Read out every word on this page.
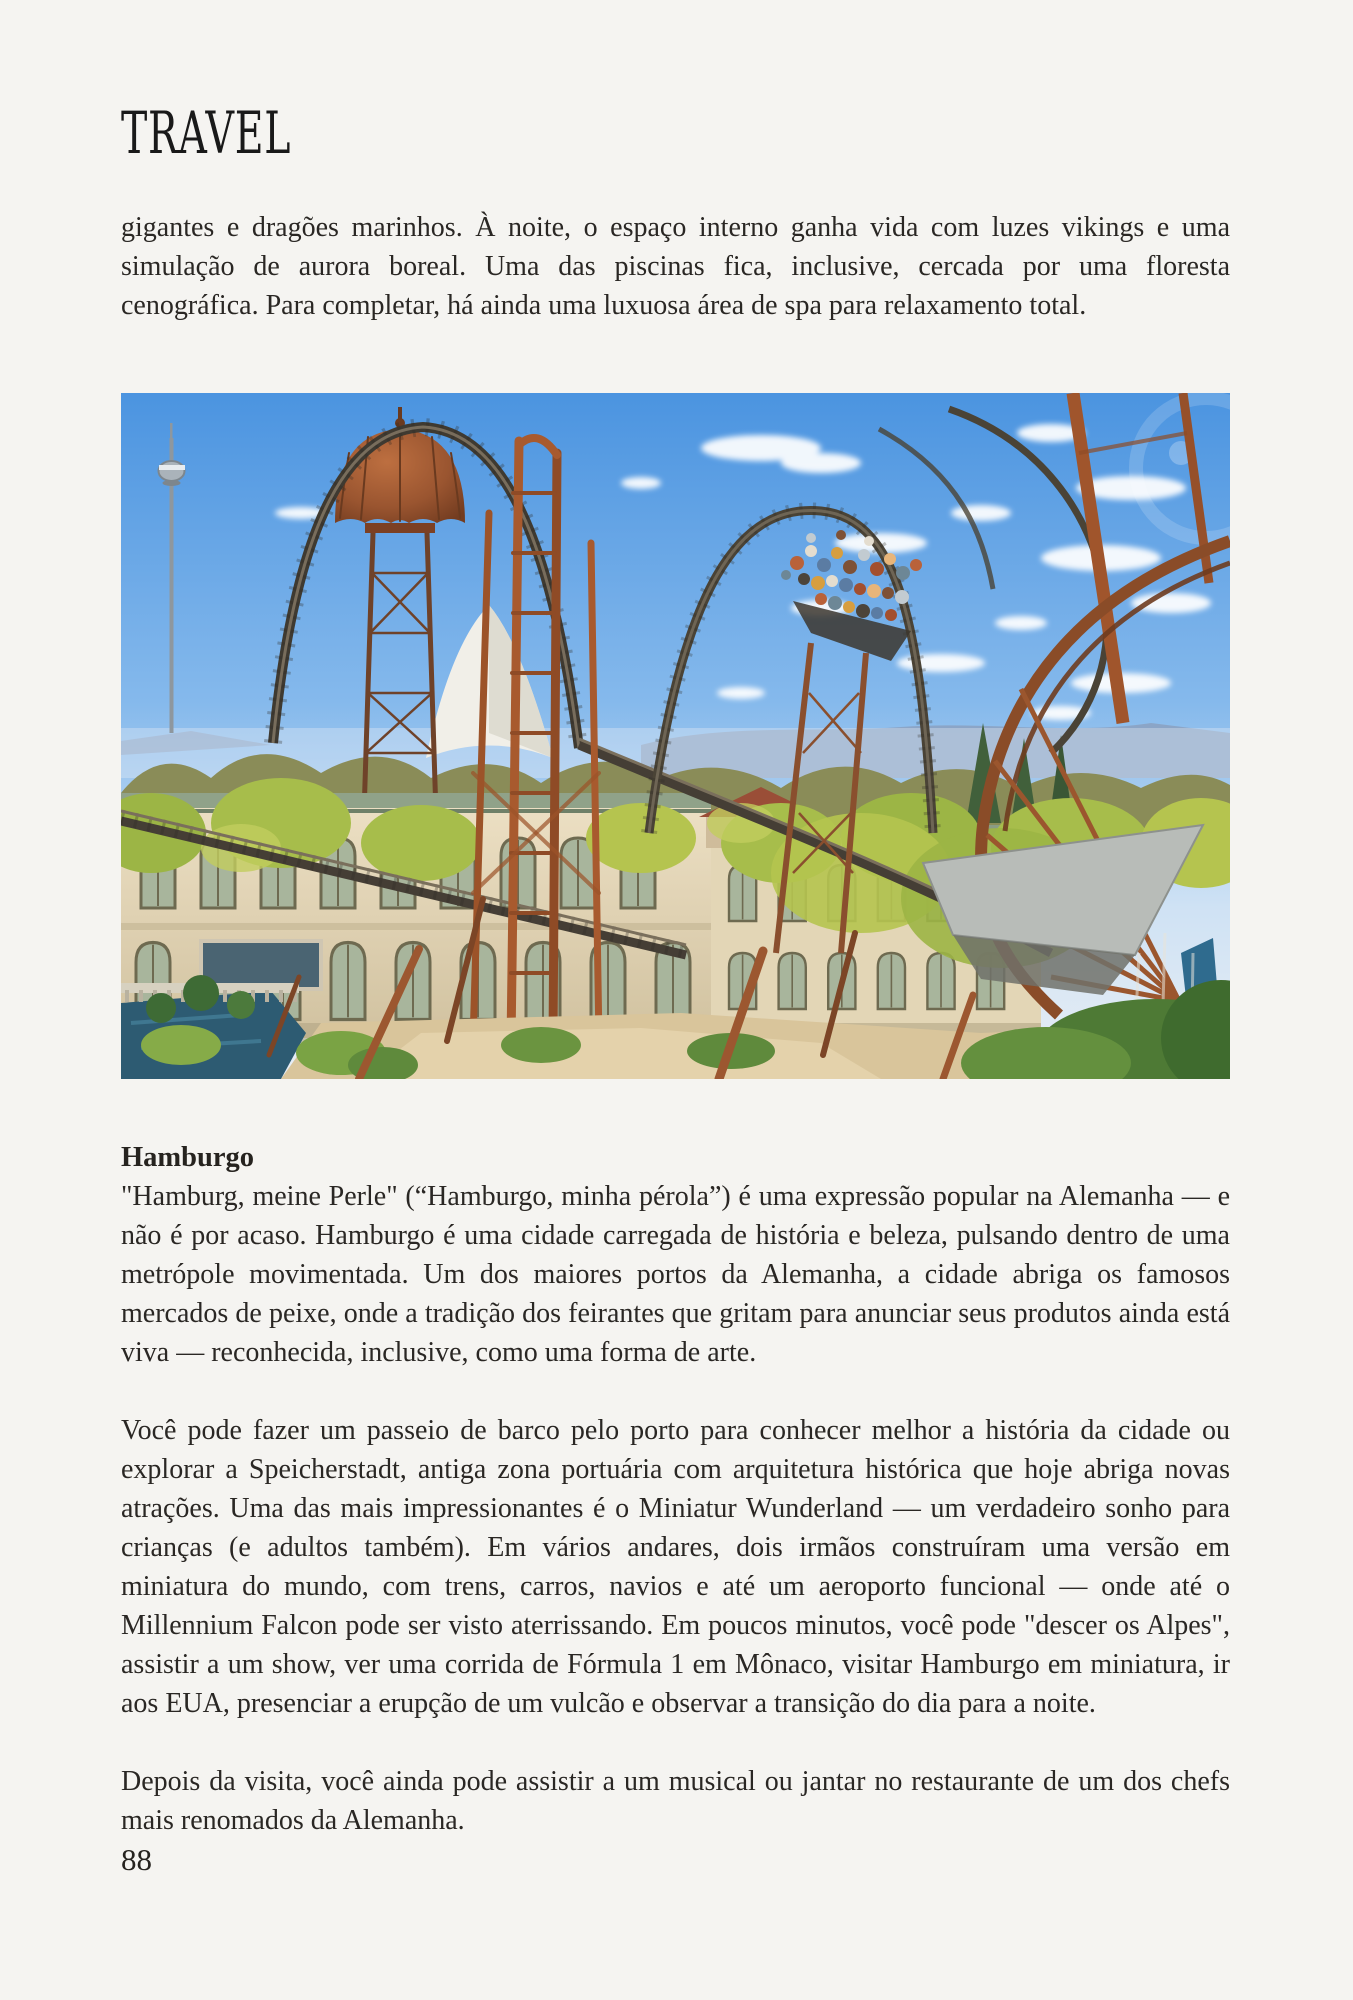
TRAVEL

gigantes e dragões marinhos. À noite, o espaço interno ganha vida com luzes vikings e uma simulação de aurora boreal. Uma das piscinas fica, inclusive, cercada por uma floresta cenográfica. Para completar, há ainda uma luxuosa área de spa para relaxamento total.

Hamburgo

"Hamburg, meine Perle" (“Hamburgo, minha pérola”) é uma expressão popular na Alemanha — e não é por acaso. Hamburgo é uma cidade carregada de história e beleza, pulsando dentro de uma metrópole movimentada. Um dos maiores portos da Alemanha, a cidade abriga os famosos mercados de peixe, onde a tradição dos feirantes que gritam para anunciar seus produtos ainda está viva — reconhecida, inclusive, como uma forma de arte.

Você pode fazer um passeio de barco pelo porto para conhecer melhor a história da cidade ou explorar a Speicherstadt, antiga zona portuária com arquitetura histórica que hoje abriga novas atrações. Uma das mais impressionantes é o Miniatur Wunderland — um verdadeiro sonho para crianças (e adultos também). Em vários andares, dois irmãos construíram uma versão em miniatura do mundo, com trens, carros, navios e até um aeroporto funcional — onde até o Millennium Falcon pode ser visto aterrissando. Em poucos minutos, você pode "descer os Alpes", assistir a um show, ver uma corrida de Fórmula 1 em Mônaco, visitar Hamburgo em miniatura, ir aos EUA, presenciar a erupção de um vulcão e observar a transição do dia para a noite.

Depois da visita, você ainda pode assistir a um musical ou jantar no restaurante de um dos chefs mais renomados da Alemanha.

88
